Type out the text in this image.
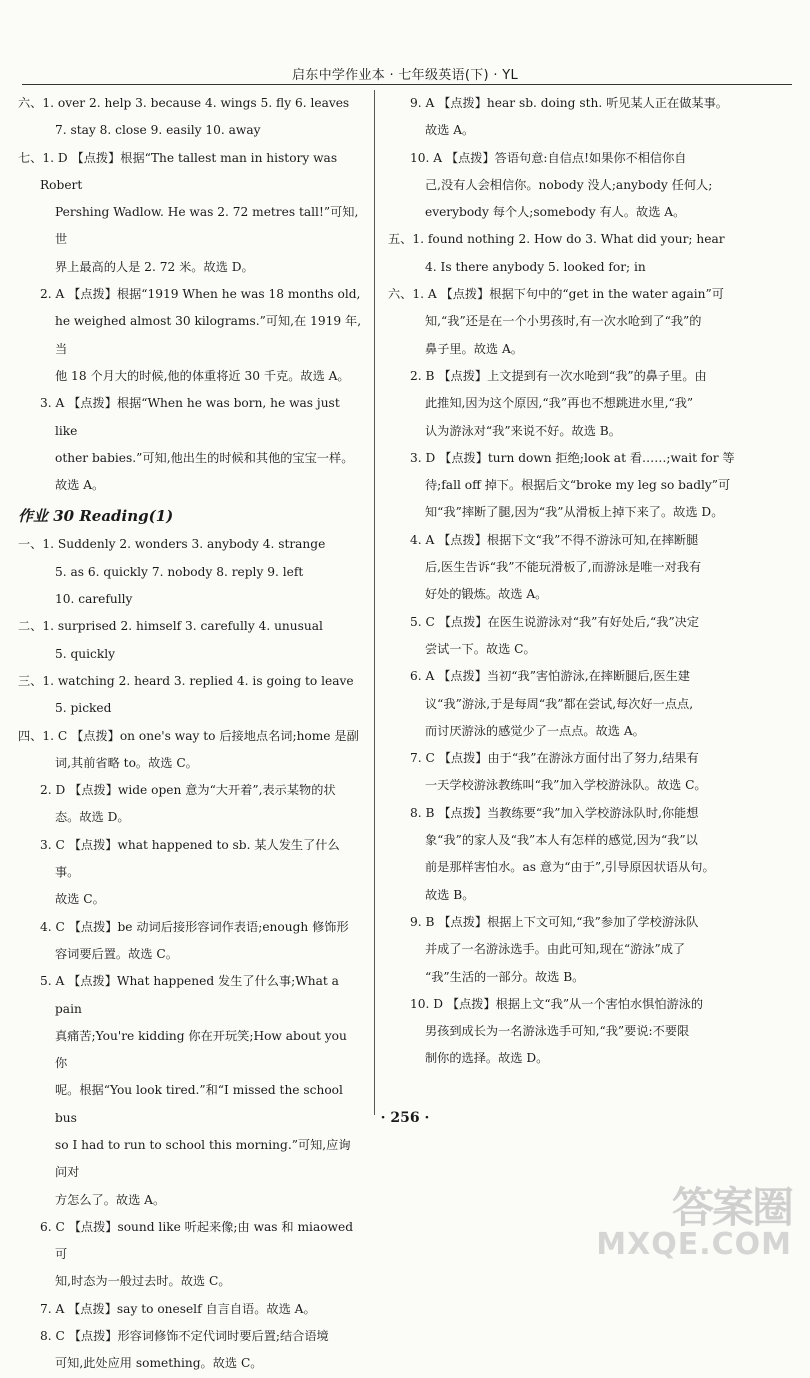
启东中学作业本 · 七年级英语(下) · YL
六、1. over 2. help 3. because 4. wings 5. fly 6. leaves
7. stay 8. close 9. easily 10. away
七、1. D 【点拨】根据“The tallest man in history was Robert
Pershing Wadlow. He was 2. 72 metres tall!”可知,世
界上最高的人是 2. 72 米。故选 D。
2. A 【点拨】根据“1919 When he was 18 months old,
he weighed almost 30 kilograms.”可知,在 1919 年,当
他 18 个月大的时候,他的体重将近 30 千克。故选 A。
3. A 【点拨】根据“When he was born, he was just like
other babies.”可知,他出生的时候和其他的宝宝一样。
故选 A。
作业 30 Reading(1)
一、1. Suddenly 2. wonders 3. anybody 4. strange
5. as 6. quickly 7. nobody 8. reply 9. left
10. carefully
二、1. surprised 2. himself 3. carefully 4. unusual
5. quickly
三、1. watching 2. heard 3. replied 4. is going to leave
5. picked
四、1. C 【点拨】on one's way to 后接地点名词;home 是副
词,其前省略 to。故选 C。
2. D 【点拨】wide open 意为“大开着”,表示某物的状
态。故选 D。
3. C 【点拨】what happened to sb. 某人发生了什么事。
故选 C。
4. C 【点拨】be 动词后接形容词作表语;enough 修饰形
容词要后置。故选 C。
5. A 【点拨】What happened 发生了什么事;What a pain
真痛苦;You're kidding 你在开玩笑;How about you 你
呢。根据“You look tired.”和“I missed the school bus
so I had to run to school this morning.”可知,应询问对
方怎么了。故选 A。
6. C 【点拨】sound like 听起来像;由 was 和 miaowed 可
知,时态为一般过去时。故选 C。
7. A 【点拨】say to oneself 自言自语。故选 A。
8. C 【点拨】形容词修饰不定代词时要后置;结合语境
可知,此处应用 something。故选 C。
9. A 【点拨】hear sb. doing sth. 听见某人正在做某事。
故选 A。
10. A 【点拨】答语句意:自信点!如果你不相信你自
己,没有人会相信你。nobody 没人;anybody 任何人;
everybody 每个人;somebody 有人。故选 A。
五、1. found nothing 2. How do 3. What did your; hear
4. Is there anybody 5. looked for; in
六、1. A 【点拨】根据下句中的“get in the water again”可
知,“我”还是在一个小男孩时,有一次水呛到了“我”的
鼻子里。故选 A。
2. B 【点拨】上文提到有一次水呛到“我”的鼻子里。由
此推知,因为这个原因,“我”再也不想跳进水里,“我”
认为游泳对“我”来说不好。故选 B。
3. D 【点拨】turn down 拒绝;look at 看……;wait for 等
待;fall off 掉下。根据后文“broke my leg so badly”可
知“我”摔断了腿,因为“我”从滑板上掉下来了。故选 D。
4. A 【点拨】根据下文“我”不得不游泳可知,在摔断腿
后,医生告诉“我”不能玩滑板了,而游泳是唯一对我有
好处的锻炼。故选 A。
5. C 【点拨】在医生说游泳对“我”有好处后,“我”决定
尝试一下。故选 C。
6. A 【点拨】当初“我”害怕游泳,在摔断腿后,医生建
议“我”游泳,于是每周“我”都在尝试,每次好一点点,
而讨厌游泳的感觉少了一点点。故选 A。
7. C 【点拨】由于“我”在游泳方面付出了努力,结果有
一天学校游泳教练叫“我”加入学校游泳队。故选 C。
8. B 【点拨】当教练要“我”加入学校游泳队时,你能想
象“我”的家人及“我”本人有怎样的感觉,因为“我”以
前是那样害怕水。as 意为“由于”,引导原因状语从句。
故选 B。
9. B 【点拨】根据上下文可知,“我”参加了学校游泳队
并成了一名游泳选手。由此可知,现在“游泳”成了
“我”生活的一部分。故选 B。
10. D 【点拨】根据上文“我”从一个害怕水惧怕游泳的
男孩到成长为一名游泳选手可知,“我”要说:不要限
制你的选择。故选 D。
· 256 ·
答案圈
MXQE.COM
